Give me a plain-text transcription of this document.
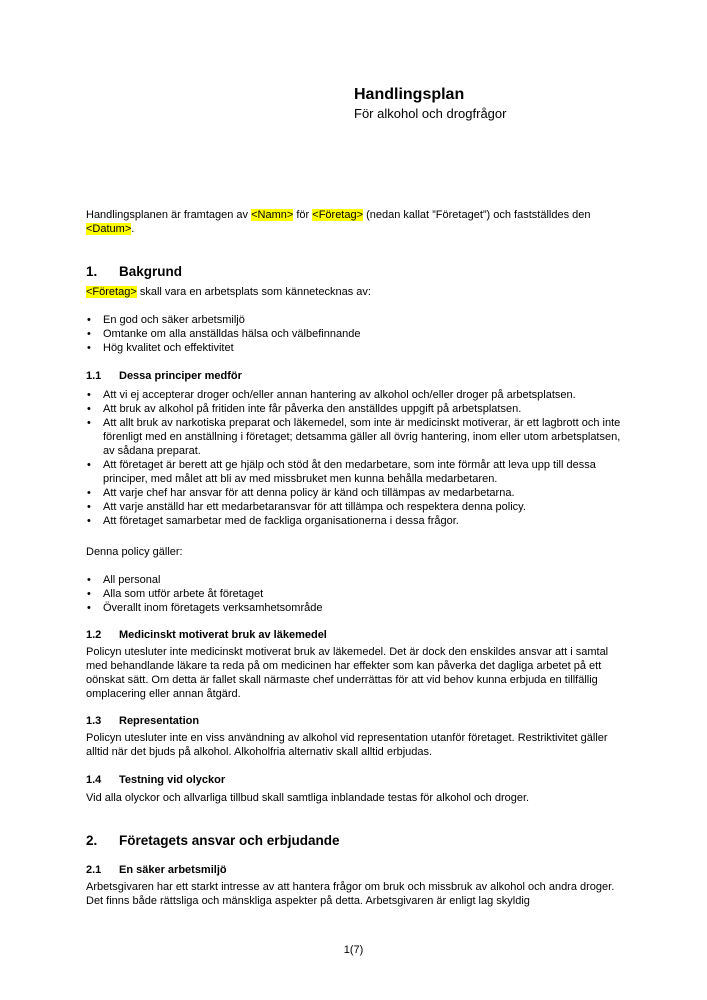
Handlingsplan

För alkohol och drogfrågor

Handlingsplanen är framtagen av <Namn> för <Företag> (nedan kallat ”Företaget”) och fastställdes den <Datum>.

1. Bakgrund

<Företag> skall vara en arbetsplats som kännetecknas av:

• En god och säker arbetsmiljö
• Omtanke om alla anställdas hälsa och välbefinnande
• Hög kvalitet och effektivitet

1.1 Dessa principer medför

• Att vi ej accepterar droger och/eller annan hantering av alkohol och/eller droger på arbetsplatsen.
• Att bruk av alkohol på fritiden inte får påverka den anställdes uppgift på arbetsplatsen.
• Att allt bruk av narkotiska preparat och läkemedel, som inte är medicinskt motiverar, är ett lagbrott och inte förenligt med en anställning i företaget; detsamma gäller all övrig hantering, inom eller utom arbetsplatsen, av sådana preparat.
• Att företaget är berett att ge hjälp och stöd åt den medarbetare, som inte förmår att leva upp till dessa principer, med målet att bli av med missbruket men kunna behålla medarbetaren.
• Att varje chef har ansvar för att denna policy är känd och tillämpas av medarbetarna.
• Att varje anställd har ett medarbetaransvar för att tillämpa och respektera denna policy.
• Att företaget samarbetar med de fackliga organisationerna i dessa frågor.

Denna policy gäller:

• All personal
• Alla som utför arbete åt företaget
• Överallt inom företagets verksamhetsområde

1.2 Medicinskt motiverat bruk av läkemedel

Policyn utesluter inte medicinskt motiverat bruk av läkemedel. Det är dock den enskildes ansvar att i samtal med behandlande läkare ta reda på om medicinen har effekter som kan påverka det dagliga arbetet på ett oönskat sätt. Om detta är fallet skall närmaste chef underrättas för att vid behov kunna erbjuda en tillfällig omplacering eller annan åtgärd.

1.3 Representation

Policyn utesluter inte en viss användning av alkohol vid representation utanför företaget. Restriktivitet gäller alltid när det bjuds på alkohol. Alkoholfria alternativ skall alltid erbjudas.

1.4 Testning vid olyckor

Vid alla olyckor och allvarliga tillbud skall samtliga inblandade testas för alkohol och droger.

2. Företagets ansvar och erbjudande

2.1 En säker arbetsmiljö

Arbetsgivaren har ett starkt intresse av att hantera frågor om bruk och missbruk av alkohol och andra droger. Det finns både rättsliga och mänskliga aspekter på detta. Arbetsgivaren är enligt lag skyldig

1(7)
